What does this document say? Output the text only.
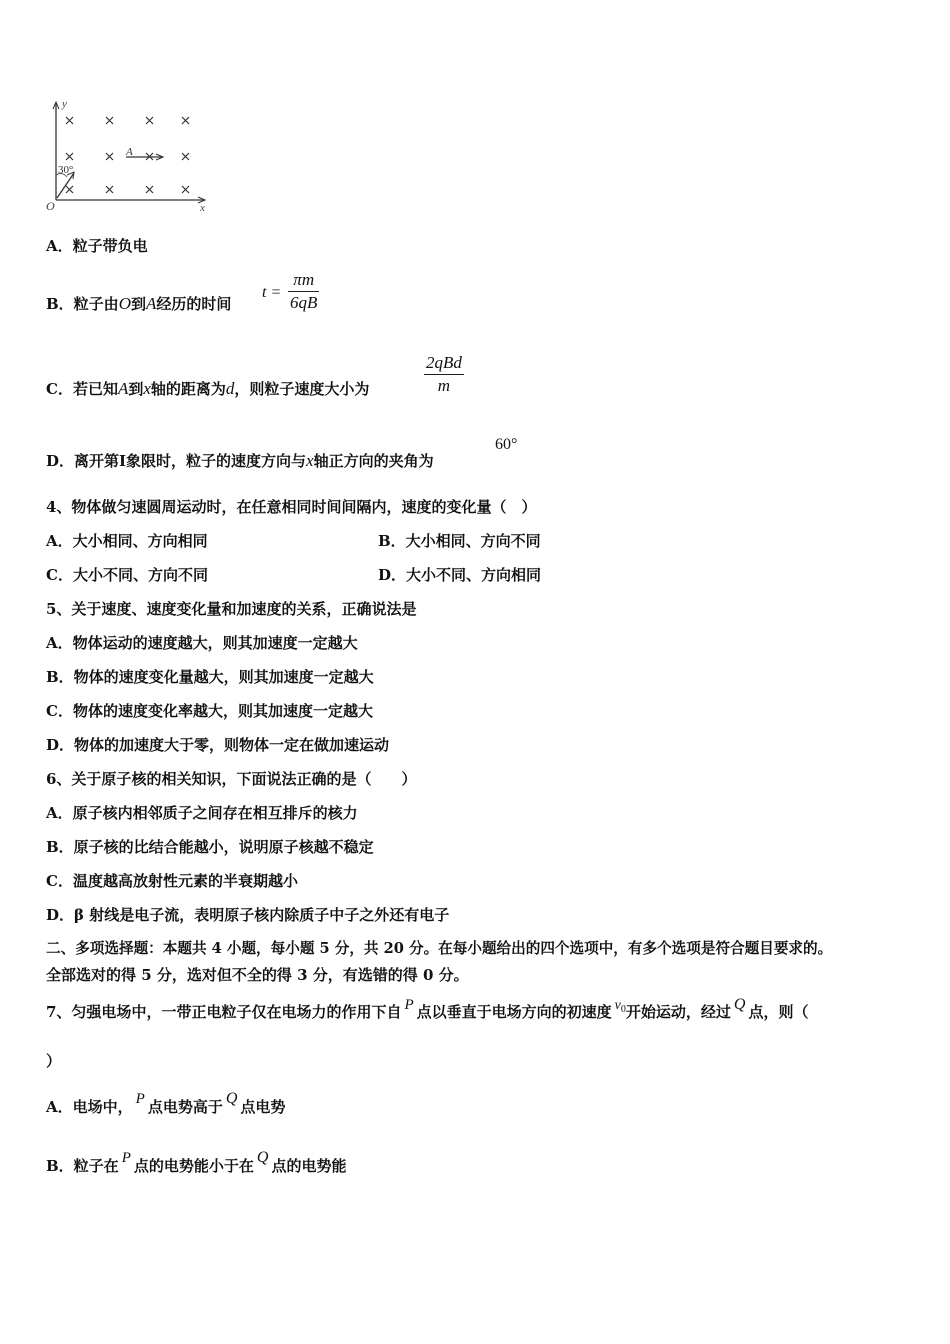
y
x
O
A
30°
A．粒子带负电
B．粒子由O到A经历的时间
$t = \frac{\pi m}{6qB}$
C．若已知A到x轴的距离为d，则粒子速度大小为
2qBd
m
D．离开第Ⅰ象限时，粒子的速度方向与x轴正方向的夹角为
60°
4、物体做匀速圆周运动时，在任意相同时间间隔内，速度的变化量（　）
A．大小相同、方向相同	B．大小相同、方向不同
C．大小不同、方向不同	D．大小不同、方向相同
5、关于速度、速度变化量和加速度的关系，正确说法是
A．物体运动的速度越大，则其加速度一定越大
B．物体的速度变化量越大，则其加速度一定越大
C．物体的速度变化率越大，则其加速度一定越大
D．物体的加速度大于零，则物体一定在做加速运动
6、关于原子核的相关知识，下面说法正确的是（　　）
A．原子核内相邻质子之间存在相互排斥的核力
B．原子核的比结合能越小，说明原子核越不稳定
C．温度越高放射性元素的半衰期越小
D．β 射线是电子流，表明原子核内除质子中子之外还有电子
二、多项选择题：本题共 4 小题，每小题 5 分，共 20 分。在每小题给出的四个选项中，有多个选项是符合题目要求的。
全部选对的得 5 分，选对但不全的得 3 分，有选错的得 0 分。
7、匀强电场中，一带正电粒子仅在电场力的作用下自 P 点以垂直于电场方向的初速度 $v^0$开始运动，经过 Q 点，则（
）
A．电场中， P 点电势高于 Q 点电势
B．粒子在 P 点的电势能小于在 Q 点的电势能
